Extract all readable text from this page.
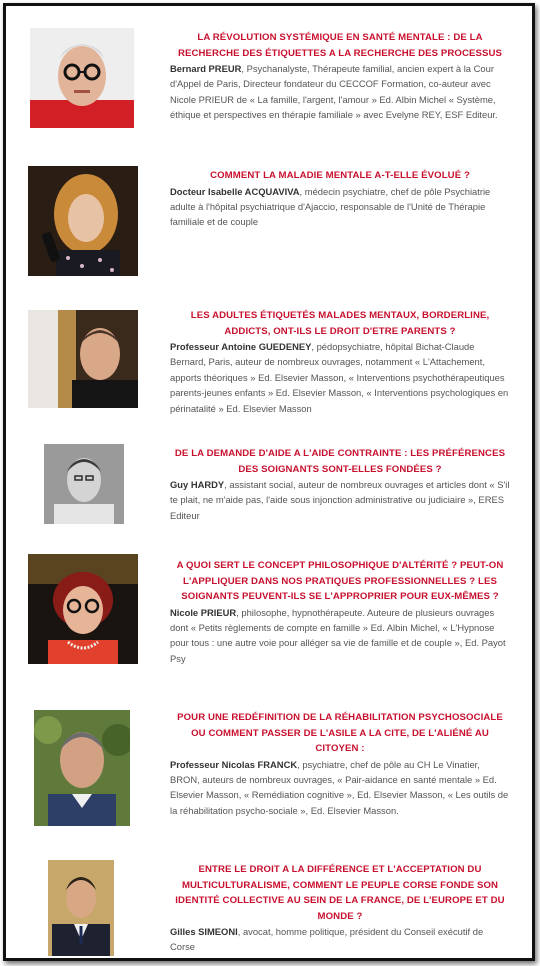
LA RÉVOLUTION SYSTÉMIQUE EN SANTÉ MENTALE : DE LA RECHERCHE DES ÉTIQUETTES A LA RECHERCHE DES PROCESSUS
Bernard PREUR, Psychanalyste, Thérapeute familial, ancien expert à la Cour d'Appel de Paris, Directeur fondateur du CECCOF Formation, co-auteur avec Nicole PRIEUR de « La famille, l'argent, l'amour » Ed. Albin Michel « Système, éthique et perspectives en thérapie familiale » avec Evelyne REY, ESF Editeur.
COMMENT LA MALADIE MENTALE A-T-ELLE ÉVOLUÉ ?
Docteur Isabelle ACQUAVIVA, médecin psychiatre, chef de pôle Psychiatrie adulte à l'hôpital psychiatrique d'Ajaccio, responsable de l'Unité de Thérapie familiale et de couple
LES ADULTES ÉTIQUETÉS MALADES MENTAUX, BORDERLINE, ADDICTS, ONT-ILS LE DROIT D'ETRE PARENTS ?
Professeur Antoine GUEDENEY, pédopsychiatre, hôpital Bichat-Claude Bernard, Paris, auteur de nombreux ouvrages, notamment « L'Attachement, apports théoriques » Ed. Elsevier Masson, « Interventions psychothérapeutiques parents-jeunes enfants » Ed. Elsevier Masson, « Interventions psychologiques en périnatalité » Ed. Elsevier Masson
DE LA DEMANDE D'AIDE A L'AIDE CONTRAINTE : LES PRÉFÉRENCES DES SOIGNANTS SONT-ELLES FONDÉES ?
Guy HARDY, assistant social, auteur de nombreux ouvrages et articles dont « S'il te plait, ne m'aide pas, l'aide sous injonction administrative ou judiciaire », ERES Editeur
A QUOI SERT LE CONCEPT PHILOSOPHIQUE D'ALTÉRITÉ ? PEUT-ON L'APPLIQUER DANS NOS PRATIQUES PROFESSIONNELLES ? LES SOIGNANTS PEUVENT-ILS SE L'APPROPRIER POUR EUX-MÊMES ?
Nicole PRIEUR, philosophe, hypnothérapeute. Auteure de plusieurs ouvrages dont « Petits règlements de compte en famille » Ed. Albin Michel, « L'Hypnose pour tous : une autre voie pour alléger sa vie de famille et de couple », Ed. Payot Psy
POUR UNE REDÉFINITION DE LA RÉHABILITATION PSYCHOSOCIALE OU COMMENT PASSER DE L'ASILE A LA CITE, DE L'ALIÉNÉ AU CITOYEN :
Professeur Nicolas FRANCK, psychiatre, chef de pôle au CH Le Vinatier, BRON, auteurs de nombreux ouvrages, « Pair-aidance en santé mentale » Ed. Elsevier Masson, « Remédiation cognitive », Ed. Elsevier Masson, « Les outils de la réhabilitation psycho-sociale », Ed. Elsevier Masson.
ENTRE LE DROIT A LA DIFFÉRENCE ET L'ACCEPTATION DU MULTICULTURALISME, COMMENT LE PEUPLE CORSE FONDE SON IDENTITÉ COLLECTIVE AU SEIN DE LA FRANCE, DE L'EUROPE ET DU MONDE ?
Gilles SIMEONI, avocat, homme politique, président du Conseil exécutif de Corse
